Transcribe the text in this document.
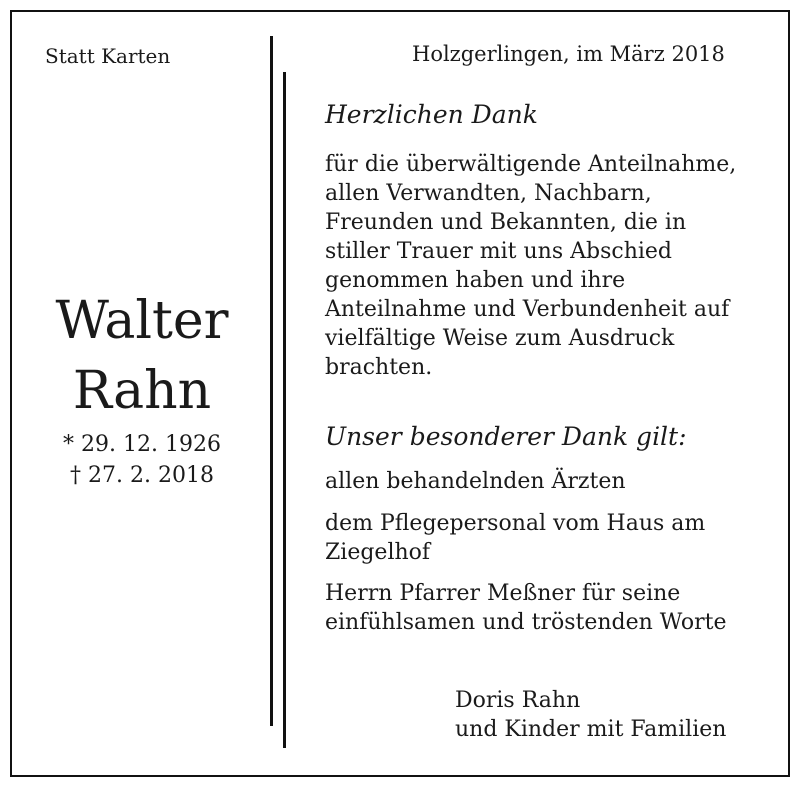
Statt Karten	Holzgerlingen, im März 2018
Walter
Rahn
* 29. 12. 1926
† 27. 2. 2018
Herzlichen Dank
für die überwältigende Anteilnahme,
allen Verwandten, Nachbarn,
Freunden und Bekannten, die in
stiller Trauer mit uns Abschied
genommen haben und ihre
Anteilnahme und Verbundenheit auf
vielfältige Weise zum Ausdruck
brachten.
Unser besonderer Dank gilt:
allen behandelnden Ärzten
dem Pflegepersonal vom Haus am
Ziegelhof
Herrn Pfarrer Meßner für seine
einfühlsamen und tröstenden Worte
Doris Rahn
und Kinder mit Familien
